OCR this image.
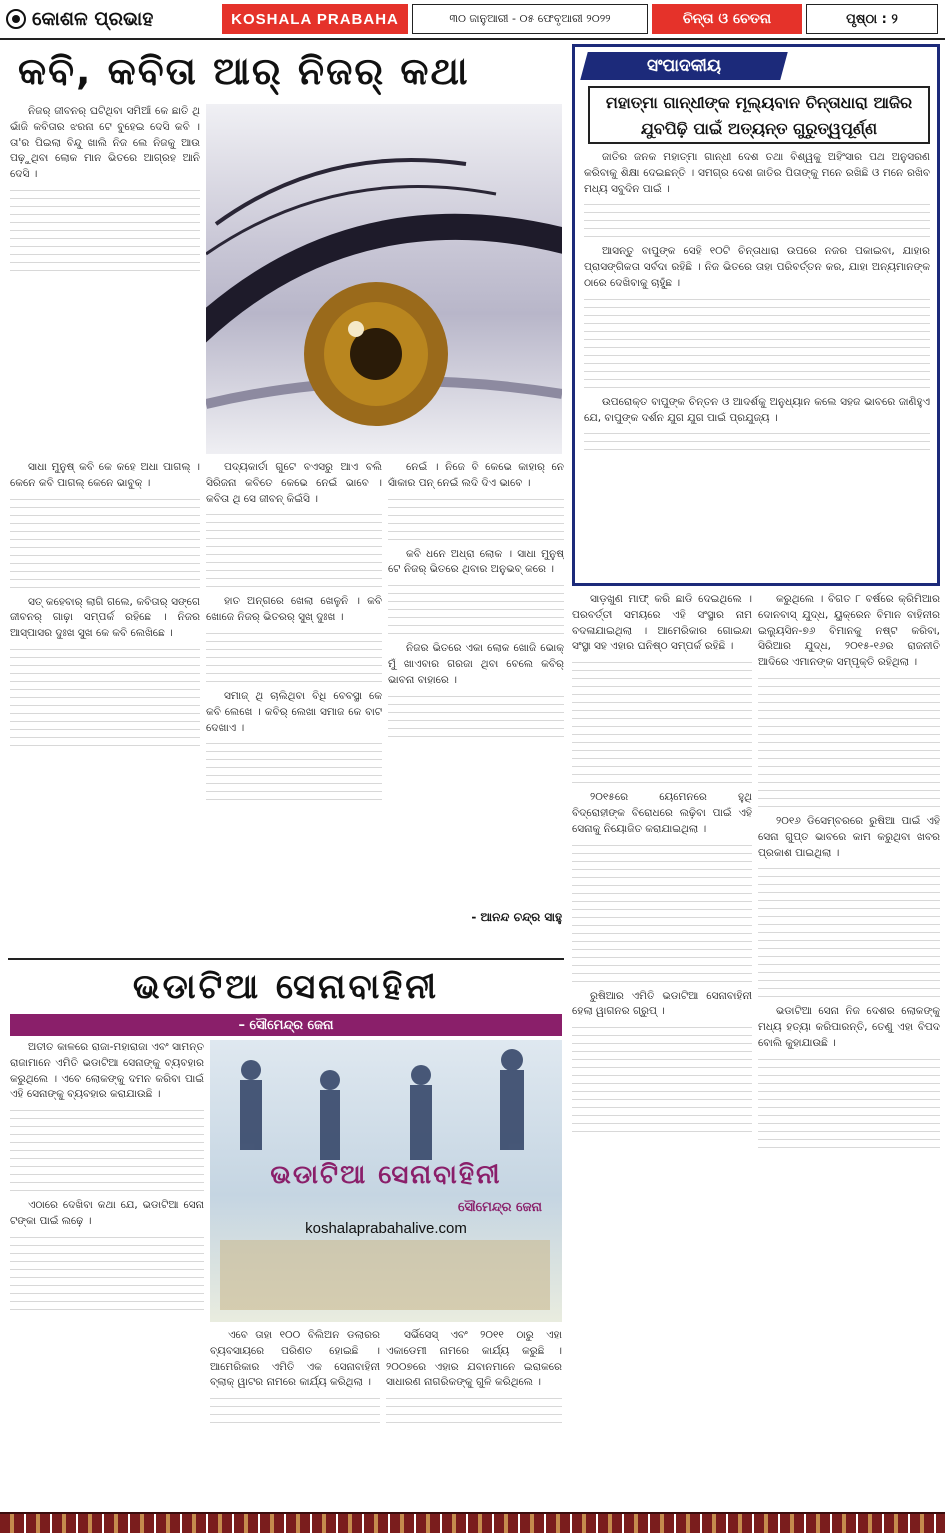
କୋଶଳ ପ୍ରଭାହ	KOSHALA PRABAHA	୩୦ ଜାନୁଆରୀ - ୦୫ ଫେବୃଆରୀ ୨୦୨୨	ଚିନ୍ତା ଓ ଚେତନା	ପୃଷ୍ଠା : ୨
କବି, କବିତା ଆର୍ ନିଜର୍ କଥା

ନିଜର୍ ଜୀବନର୍ ଘଟିଥିବା ସମିଆଁ କେ ଛାତି ଥି ଭାଁଜି କବିତାର ଝରନା ଟେ ବୁହେଇ ଦେସି କବି । ତା'ର ପିଇଲା ବିନ୍ଦୁ ଖାଲି ନିଜ ଲେ ନିଜକୁ ଆଉ ପଢ଼ୁଥିବା ଲୋକ ମାନ ଭିତରେ ଆଗ୍ରହ ଆନି ଦେସି ।

ସାଧା ମୁନୁଷ୍ କବି କେ କହେ ଅଧା ପାଗଲ୍ । କେନେ କବି ପାଗଲ୍ କେନେ ଭାବୁକ୍ ।

ସତ୍ କହେବାର୍ ଲାଗି ଗଲେ, କବିତାର୍ ସଙ୍ଗେ ଜୀବନର୍ ଗାଢ଼ା ସମ୍ପର୍କ ରହିଛେ । ନିଜର ଆସ୍ପାସର ଦୁଃଖ ସୁଖ କେ କବି ଲେଖିଛେ ।

ପଦ୍ୟକାର୍ତା ଗୁଟେ ବଏସରୁ ଆଏ ବଲି ସିରିଜନା କବିତେ କେଭେ ନେଇଁ ଭାବେ । କବିତା ଥି ସେ ଜୀବନ୍ କିଇଁସି ।

ହାତ ଅନ୍ଗରେ ଖେଲା ଖେଳୁନି । କବି ଖୋଜେ ନିଜର୍ ଭିତରର୍ ସୁଖ୍ ଦୁଃଖ ।

ସମାଜ୍ ଥି ଚାଲିଥିବା ବିଧି ବେବସ୍ଥା କେ କବି ଲେଖେ । କବିର୍ ଲେଖା ସମାଜ କେ ବାଟ ଦେଖାଏ ।

ନେଇଁ । ନିଜେ ବି କେଭେ କାହାର୍ ନେ ସାଁକାର ପନ୍ ନେଇଁ ଲଦି ଦିଏ ଭାବେ ।

କବି ଧନେ ଅଧ୍ରା ଲୋକ । ସାଧା ମୁନୁଷ୍ ଟେ ନିଜର୍ ଭିତରେ ଥିବାର ଅନୁଭବ୍ କରେ ।

ନିଜର ଭିତରେ ଏକା ଲୋକ ଖୋଜି ଭୋକ୍ ମୁଁ ଖାଏବାର ଗରଜା ଥିବା ବେଲେ କବିର୍ ଭାବନା ବାହାରେ ।

- ଆନନ୍ଦ ଚନ୍ଦ୍ର ସାହୁ
ସଂପାଦକୀୟ
ମହାତ୍ମା ଗାନ୍ଧୀଙ୍କ ମୂଲ୍ୟବାନ ଚିନ୍ତାଧାରା ଆଜିର ଯୁବପିଢ଼ି ପାଇଁ ଅତ୍ୟନ୍ତ ଗୁରୁତ୍ୱପୂର୍ଣ୍ଣ

ଜାତିର ଜନକ ମହାତ୍ମା ଗାନ୍ଧୀ ଦେଶ ତଥା ବିଶ୍ୱକୁ ଅହିଂସାର ପଥ ଅନୁସରଣ କରିବାକୁ ଶିକ୍ଷା ଦେଇଛନ୍ତି । ସମଗ୍ର ଦେଶ ଜାତିର ପିତାଙ୍କୁ ମନେ ରଖିଛି ଓ ମନେ ରଖିବ ମଧ୍ୟ ସବୁଦିନ ପାଇଁ ।

ଆସନ୍ତୁ ବାପୁଙ୍କ ସେହି ୧୦ଟି ଚିନ୍ତାଧାରା ଉପରେ ନଜର ପକାଇବା, ଯାହାର ପ୍ରାସଙ୍ଗିକତା ସର୍ବଦା ରହିଛି । ନିଜ ଭିତରେ ତାହା ପରିବର୍ତ୍ତନ କର, ଯାହା ଅନ୍ୟମାନଙ୍କ ଠାରେ ଦେଖିବାକୁ ଚାହୁଁଛ ।

ଉପରୋକ୍ତ ବାପୁଙ୍କ ଚିନ୍ତନ ଓ ଆଦର୍ଶକୁ ଅନୁଧ୍ୟାନ କଲେ ସହଜ ଭାବରେ ଜାଣିହୁଏ ଯେ, ବାପୁଙ୍କ ଦର୍ଶନ ଯୁଗ ଯୁଗ ପାଇଁ ପ୍ରଯୁଜ୍ୟ ।

ଭଡାଟିଆ ସେନାବାହିନୀ
– ସୌମେନ୍ଦ୍ର ଜେନା

ଅତୀତ କାଳରେ ରାଜା-ମହାରାଜା ଏବଂ ସାମନ୍ତ ରାଜାମାନେ ଏମିତି ଭଡାଟିଆ ସେନାଙ୍କୁ ବ୍ୟବହାର କରୁଥିଲେ । ଏବେ ଲୋକଙ୍କୁ ଦମନ କରିବା ପାଇଁ ଏହି ସେନାଙ୍କୁ ବ୍ୟବହାର କରାଯାଉଛି ।

ଏଠାରେ ଦେଖିବା କଥା ଯେ, ଭଡାଟିଆ ସେନା ଟଙ୍କା ପାଇଁ ଲଢ଼େ ।

ଭଡାଟିଆ ସେନାବାହିନୀ
ସୌମେନ୍ଦ୍ର ଜେନା
koshalaprabahalive.com

ଏବେ ତାହା ୧୦୦ ବିଲିଅନ ଡଲାରର ବ୍ୟବସାୟରେ ପରିଣତ ହୋଇଛି । ଆମେରିକାର ଏମିତି ଏକ ସେନାବାହିନୀ ବ୍ଲାକ୍ ୱାଟର ନାମରେ କାର୍ଯ୍ୟ କରିଥିଲା ।

ସର୍ଭିସେସ୍ ଏବଂ ୨୦୧୧ ଠାରୁ ଏହା ଏକାଡେମୀ ନାମରେ କାର୍ଯ୍ୟ କରୁଛି । ୨୦୦୭ରେ ଏହାର ଯବାନମାନେ ଇରାକରେ ସାଧାରଣ ନାଗରିକଙ୍କୁ ଗୁଳି କରିଥିଲେ ।

ସାଡ଼ଖୁଣ ମାଫ୍ କରି ଛାଡି ଦେଇଥିଲେ । ପରବର୍ତ୍ତୀ ସମୟରେ ଏହି ସଂସ୍ଥାର ନାମ ବଦଳାଯାଇଥିଲା । ଆମେରିକାର ଗୋଇନ୍ଦା ସଂସ୍ଥା ସହ ଏହାର ଘନିଷ୍ଠ ସମ୍ପର୍କ ରହିଛି ।

୨୦୧୫ରେ ୟେମେନରେ ହୁଥି ବିଦ୍ରୋହୀଙ୍କ ବିରୋଧରେ ଲଢ଼ିବା ପାଇଁ ଏହି ସେନାକୁ ନିୟୋଜିତ କରାଯାଇଥିଲା ।

ରୁଷିଆର ଏମିତି ଭଡାଟିଆ ସେନାବାହିନୀ ହେଲା ୱାଗନର ଗ୍ରୁପ୍ ।

କରୁଥିଲେ । ବିଗତ ୮ ବର୍ଷରେ କ୍ରିମିଆର ଦୋନବାସ୍ ଯୁଦ୍ଧ, ୟୁକ୍ରେନ ବିମାନ ବାହିନୀର ଇଲ୍ୟୁସିନ-୭୬ ବିମାନକୁ ନଷ୍ଟ କରିବା, ସିରିଆର ଯୁଦ୍ଧ, ୨୦୧୫-୧୬ର ରାଜନୀତି ଆଦିରେ ଏମାନଙ୍କ ସମ୍ପୃକ୍ତି ରହିଥିଲା ।

୨୦୧୬ ଡିସେମ୍ବରରେ ରୁଷିଆ ପାଇଁ ଏହି ସେନା ଗୁପ୍ତ ଭାବରେ କାମ କରୁଥିବା ଖବର ପ୍ରକାଶ ପାଇଥିଲା ।

ଭଡାଟିଆ ସେନା ନିଜ ଦେଶର ଲୋକଙ୍କୁ ମଧ୍ୟ ହତ୍ୟା କରିପାରନ୍ତି, ତେଣୁ ଏହା ବିପଦ ବୋଲି କୁହାଯାଉଛି ।
